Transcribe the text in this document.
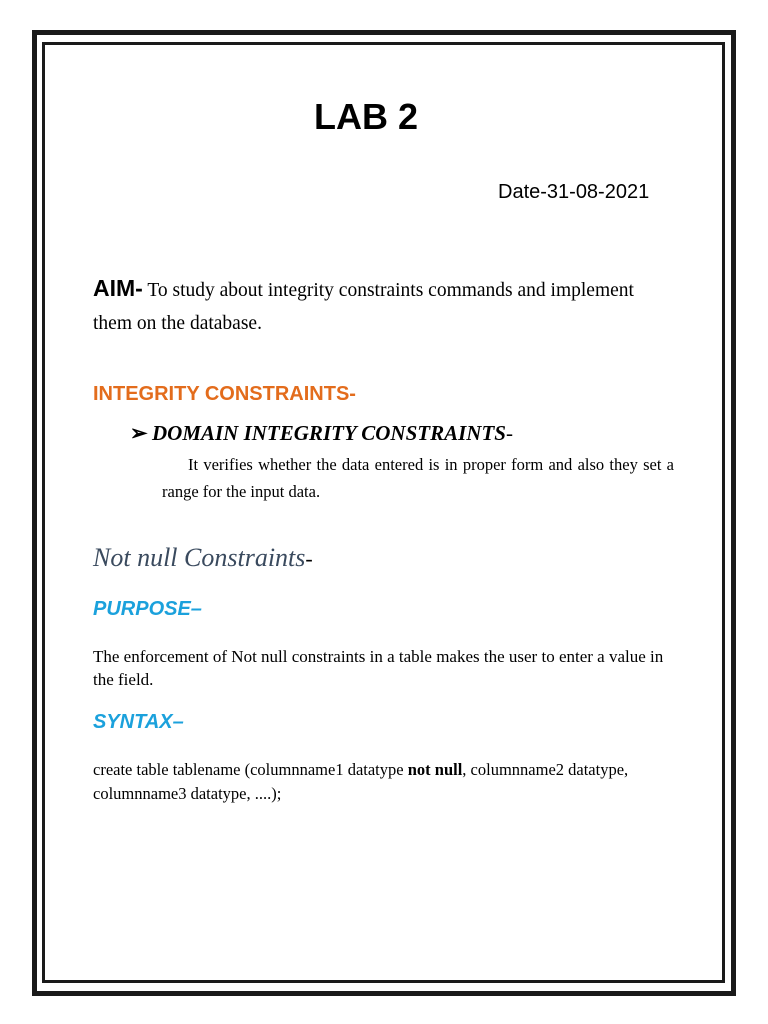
LAB 2

Date-31-08-2021

AIM- To study about integrity constraints commands and implement them on the database.

INTEGRITY CONSTRAINTS-

➢ DOMAIN INTEGRITY CONSTRAINTS-

It verifies whether the data entered is in proper form and also they set a range for the input data.

Not null Constraints-

PURPOSE–

The enforcement of Not null constraints in a table makes the user to enter a value in the field.

SYNTAX–

create table tablename (columnname1 datatype not null, columnname2 datatype, columnname3 datatype, ....);
